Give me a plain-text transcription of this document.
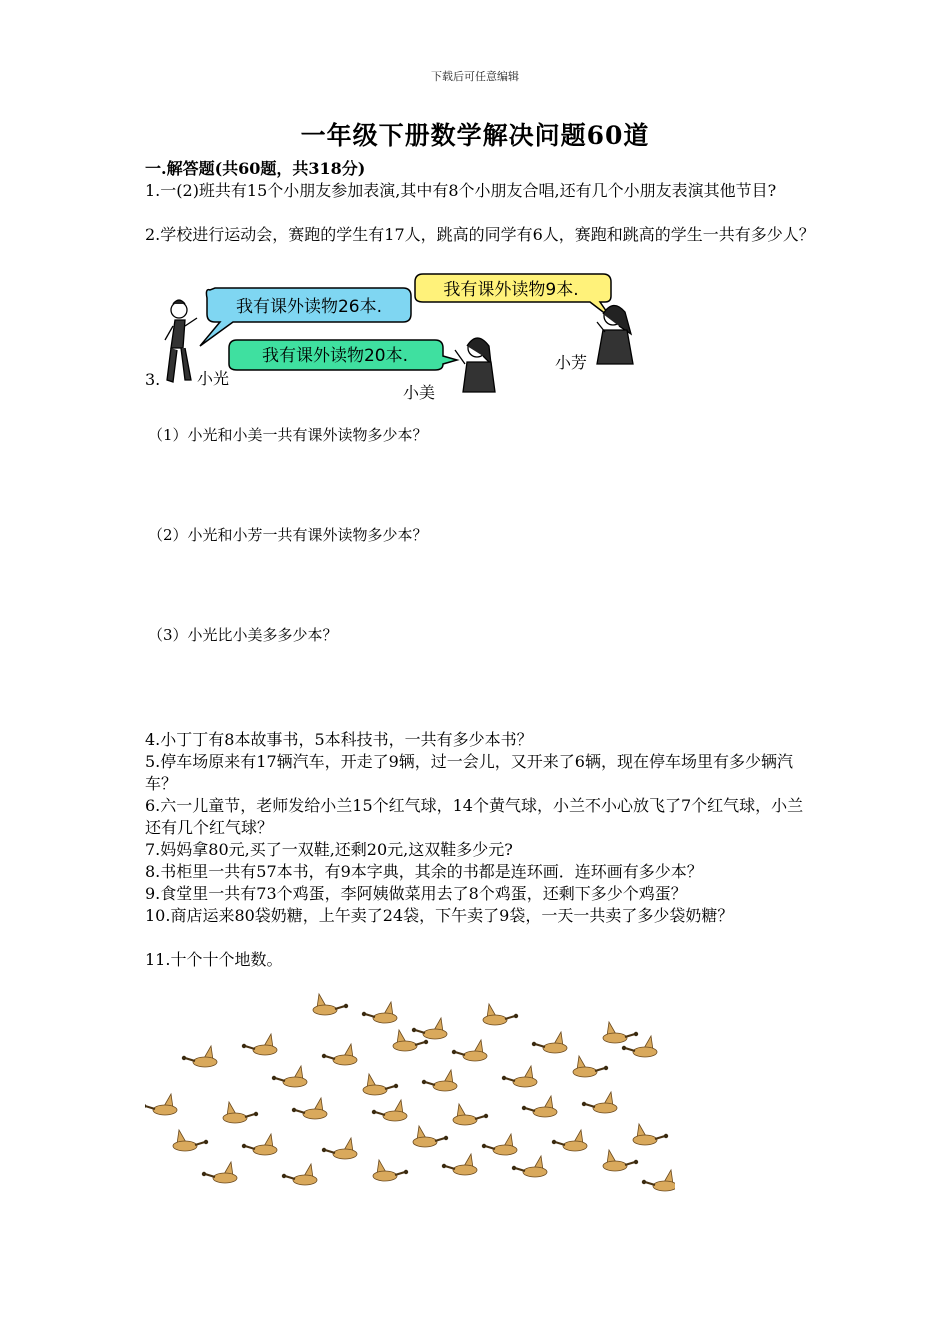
下载后可任意编辑
一年级下册数学解决问题60道
一.解答题(共60题，共318分)
1.一(2)班共有15个小朋友参加表演,其中有8个小朋友合唱,还有几个小朋友表演其他节目?
2.学校进行运动会，赛跑的学生有17人，跳高的同学有6人，赛跑和跳高的学生一共有多少人？
3.
我有课外读物26本.
我有课外读物20本.
我有课外读物9本.
小光
小美
小芳
（1）小光和小美一共有课外读物多少本？
（2）小光和小芳一共有课外读物多少本？
（3）小光比小美多多少本？
4.小丁丁有8本故事书，5本科技书，一共有多少本书？
5.停车场原来有17辆汽车，开走了9辆，过一会儿，又开来了6辆，现在停车场里有多少辆汽车？
6.六一儿童节，老师发给小兰15个红气球，14个黄气球，小兰不小心放飞了7个红气球，小兰还有几个红气球？
7.妈妈拿80元,买了一双鞋,还剩20元,这双鞋多少元?
8.书柜里一共有57本书，有9本字典，其余的书都是连环画．连环画有多少本？
9.食堂里一共有73个鸡蛋，李阿姨做菜用去了8个鸡蛋，还剩下多少个鸡蛋？
10.商店运来80袋奶糖，上午卖了24袋，下午卖了9袋，一天一共卖了多少袋奶糖？
11.十个十个地数。
